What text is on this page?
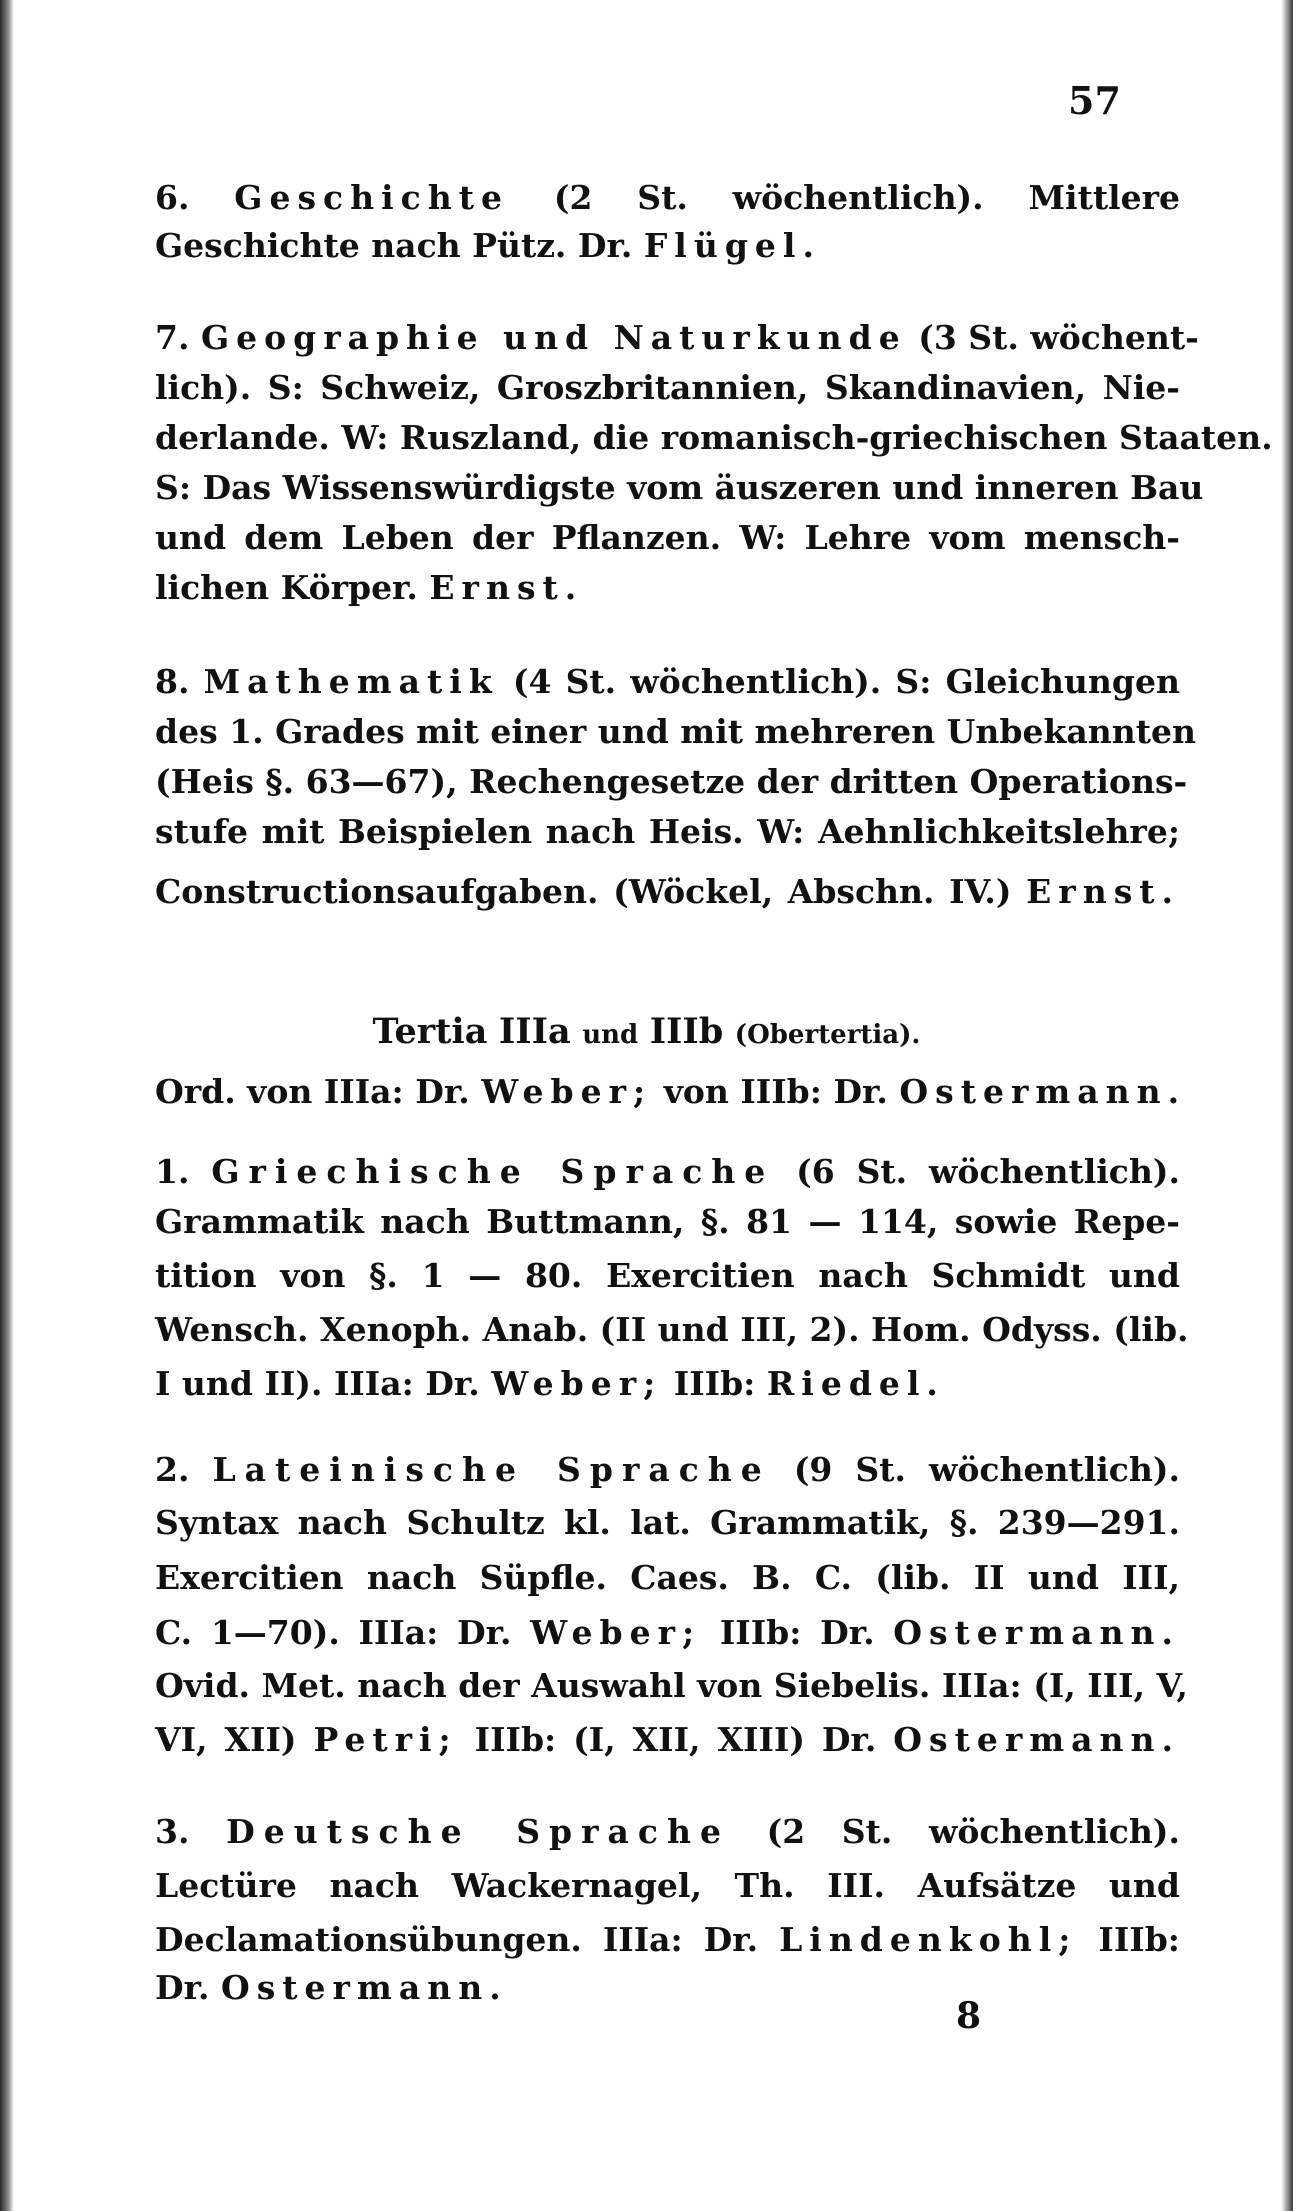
57
6. Geschichte (2 St. wöchentlich). Mittlere
Geschichte nach Pütz. Dr. Flügel.
7. Geographie und Naturkunde (3 St. wöchent-
lich). S: Schweiz, Groszbritannien, Skandinavien, Nie-
derlande. W: Ruszland, die romanisch-griechischen Staaten.
S: Das Wissenswürdigste vom äuszeren und inneren Bau
und dem Leben der Pflanzen. W: Lehre vom mensch-
lichen Körper. Ernst.
8. Mathematik (4 St. wöchentlich). S: Gleichungen
des 1. Grades mit einer und mit mehreren Unbekannten
(Heis §. 63—67), Rechengesetze der dritten Operations-
stufe mit Beispielen nach Heis. W: Aehnlichkeitslehre;
Constructionsaufgaben. (Wöckel, Abschn. IV.) Ernst.
Tertia IIIa und IIIb (Obertertia).
Ord. von IIIa: Dr. Weber; von IIIb: Dr. Ostermann.
1. Griechische Sprache (6 St. wöchentlich).
Grammatik nach Buttmann, §. 81 — 114, sowie Repe-
tition von §. 1 — 80. Exercitien nach Schmidt und
Wensch. Xenoph. Anab. (II und III, 2). Hom. Odyss. (lib.
I und II). IIIa: Dr. Weber; IIIb: Riedel.
2. Lateinische Sprache (9 St. wöchentlich).
Syntax nach Schultz kl. lat. Grammatik, §. 239—291.
Exercitien nach Süpfle. Caes. B. C. (lib. II und III,
C. 1—70). IIIa: Dr. Weber; IIIb: Dr. Ostermann.
Ovid. Met. nach der Auswahl von Siebelis. IIIa: (I, III, V,
VI, XII) Petri; IIIb: (I, XII, XIII) Dr. Ostermann.
3. Deutsche Sprache (2 St. wöchentlich).
Lectüre nach Wackernagel, Th. III. Aufsätze und
Declamationsübungen. IIIa: Dr. Lindenkohl; IIIb:
Dr. Ostermann.
8
